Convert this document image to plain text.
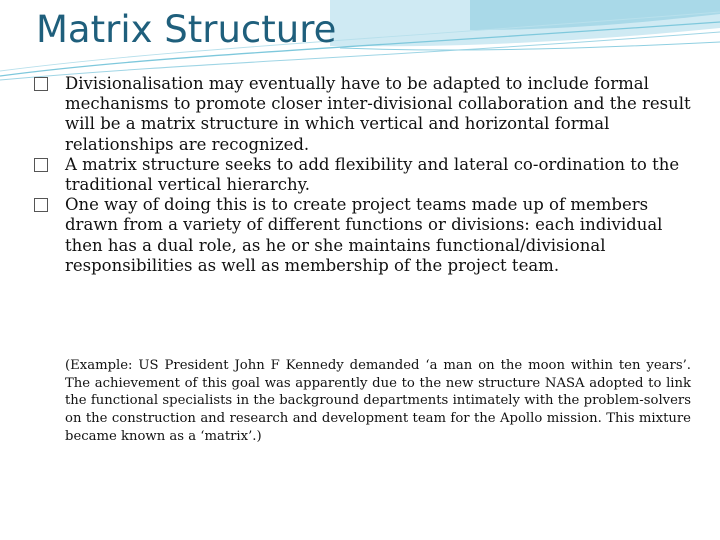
Matrix Structure

Divisionalisation may eventually have to be adapted to include formal mechanisms to promote closer inter-divisional collaboration and the result will be a matrix structure in which vertical and horizontal formal relationships are recognized.

A matrix structure seeks to add flexibility and lateral co-ordination to the traditional vertical hierarchy.

One way of doing this is to create project teams made up of members drawn from a variety of different functions or divisions: each individual then has a dual role, as he or she maintains functional/divisional responsibilities as well as membership of the project team.

(Example: US President John F Kennedy demanded ‘a man on the moon within ten years’. The achievement of this goal was apparently due to the new structure NASA adopted to link the functional specialists in the background departments intimately with the problem-solvers on the construction and research and development team for the Apollo mission. This mixture became known as a ‘matrix’.)
